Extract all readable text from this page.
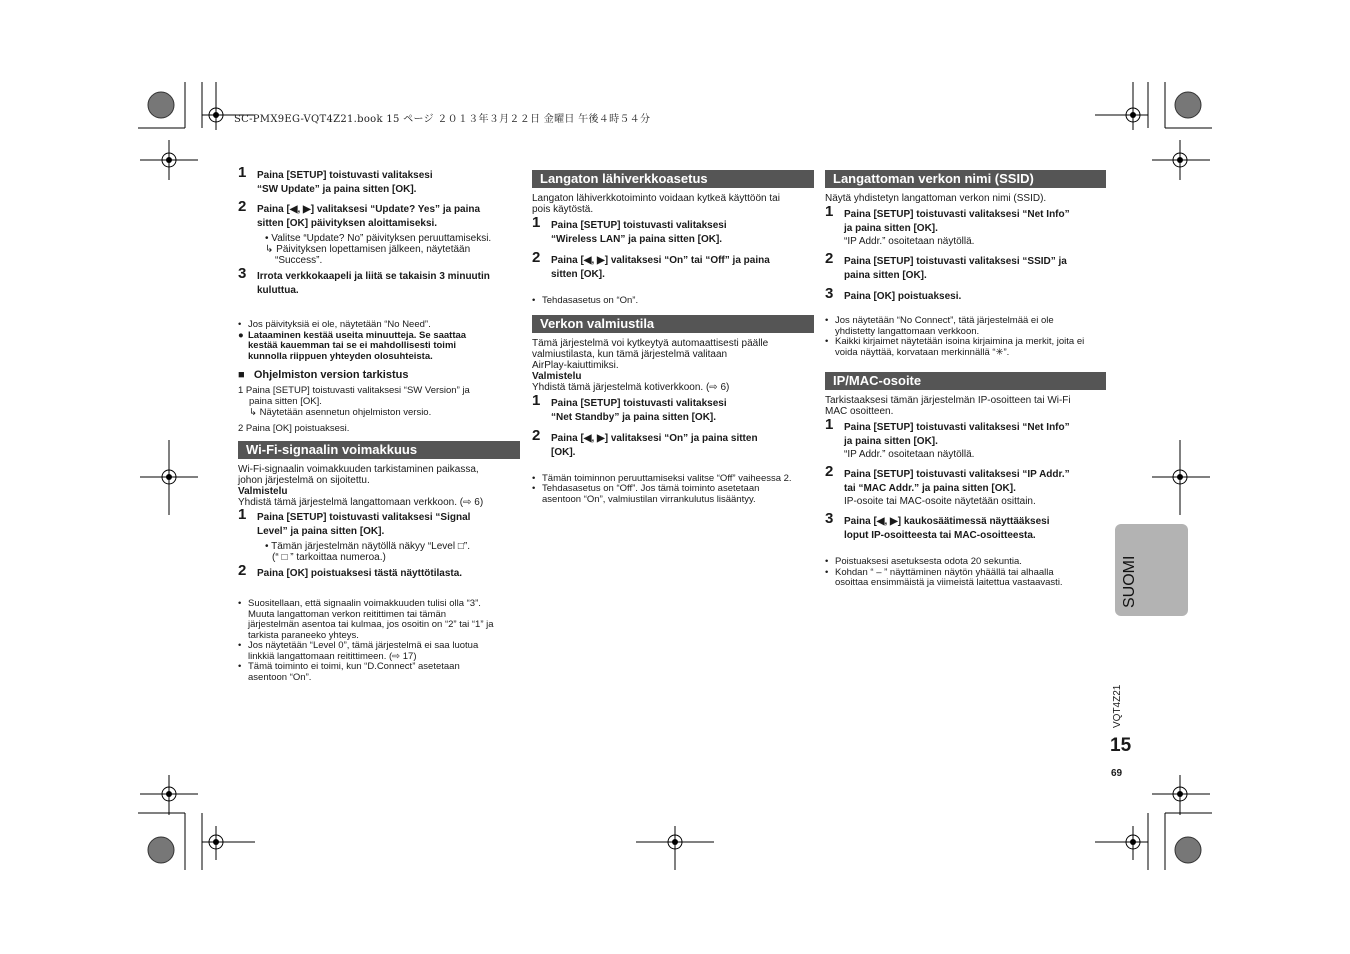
SC-PMX9EG-VQT4Z21.book 15 ページ ２０１３年３月２２日 金曜日 午後４時５４分
1 Paina [SETUP] toistuvasti valitaksesi
“SW Update” ja paina sitten [OK].
2 Paina [◀, ▶] valitaksesi “Update? Yes” ja paina
sitten [OK] päivityksen aloittamiseksi.
• Valitse “Update? No” päivityksen peruuttamiseksi.
↳ Päivityksen lopettamisen jälkeen, näytetään
“Success”.
3 Irrota verkkokaapeli ja liitä se takaisin 3 minuutin
kuluttua.
• Jos päivityksiä ei ole, näytetään “No Need”.
● Lataaminen kestää useita minuutteja. Se saattaa
kestää kauemman tai se ei mahdollisesti toimi
kunnolla riippuen yhteyden olosuhteista.
■   Ohjelmiston version tarkistus
1 Paina [SETUP] toistuvasti valitaksesi “SW Version” ja
paina sitten [OK].
↳ Näytetään asennetun ohjelmiston versio.
2 Paina [OK] poistuaksesi.
Wi-Fi-signaalin voimakkuus
Wi-Fi-signaalin voimakkuuden tarkistaminen paikassa,
johon järjestelmä on sijoitettu.
Valmistelu
Yhdistä tämä järjestelmä langattomaan verkkoon. (⇨ 6)
1 Paina [SETUP] toistuvasti valitaksesi “Signal
Level” ja paina sitten [OK].
• Tämän järjestelmän näytöllä näkyy “Level □”.
(“ □ ” tarkoittaa numeroa.)
2 Paina [OK] poistuaksesi tästä näyttötilasta.
• Suositellaan, että signaalin voimakkuuden tulisi olla “3”.
Muuta langattoman verkon reitittimen tai tämän
järjestelmän asentoa tai kulmaa, jos osoitin on “2” tai “1” ja
tarkista paraneeko yhteys.
• Jos näytetään “Level 0”, tämä järjestelmä ei saa luotua
linkkiä langattomaan reitittimeen. (⇨ 17)
• Tämä toiminto ei toimi, kun “D.Connect” asetetaan
asentoon “On”.
Langaton lähiverkkoasetus
Langaton lähiverkkotoiminto voidaan kytkeä käyttöön tai
pois käytöstä.
1 Paina [SETUP] toistuvasti valitaksesi
“Wireless LAN” ja paina sitten [OK].
2 Paina [◀, ▶] valitaksesi “On” tai “Off” ja paina
sitten [OK].
• Tehdasasetus on “On”.
Verkon valmiustila
Tämä järjestelmä voi kytkeytyä automaattisesti päälle
valmiustilasta, kun tämä järjestelmä valitaan
AirPlay-kaiuttimiksi.
Valmistelu
Yhdistä tämä järjestelmä kotiverkkoon. (⇨ 6)
1 Paina [SETUP] toistuvasti valitaksesi
“Net Standby” ja paina sitten [OK].
2 Paina [◀, ▶] valitaksesi “On” ja paina sitten
[OK].
• Tämän toiminnon peruuttamiseksi valitse “Off” vaiheessa 2.
• Tehdasasetus on “Off”. Jos tämä toiminto asetetaan
asentoon “On”, valmiustilan virrankulutus lisääntyy.
Langattoman verkon nimi (SSID)
Näytä yhdistetyn langattoman verkon nimi (SSID).
1 Paina [SETUP] toistuvasti valitaksesi “Net Info”
ja paina sitten [OK].
“IP Addr.” osoitetaan näytöllä.
2 Paina [SETUP] toistuvasti valitaksesi “SSID” ja
paina sitten [OK].
3 Paina [OK] poistuaksesi.
• Jos näytetään “No Connect”, tätä järjestelmää ei ole
yhdistetty langattomaan verkkoon.
• Kaikki kirjaimet näytetään isoina kirjaimina ja merkit, joita ei
voida näyttää, korvataan merkinnällä “✳”.
IP/MAC-osoite
Tarkistaaksesi tämän järjestelmän IP-osoitteen tai Wi-Fi
MAC osoitteen.
1 Paina [SETUP] toistuvasti valitaksesi “Net Info”
ja paina sitten [OK].
“IP Addr.” osoitetaan näytöllä.
2 Paina [SETUP] toistuvasti valitaksesi “IP Addr.”
tai “MAC Addr.” ja paina sitten [OK].
IP-osoite tai MAC-osoite näytetään osittain.
3 Paina [◀, ▶] kaukosäätimessä näyttääksesi
loput IP-osoitteesta tai MAC-osoitteesta.
• Poistuaksesi asetuksesta odota 20 sekuntia.
• Kohdan “ – ” näyttäminen näytön yhäällä tai alhaalla
osoittaa ensimmäistä ja viimeistä laitettua vastaavasti.	SUOMI
VQT4Z21
15
69
